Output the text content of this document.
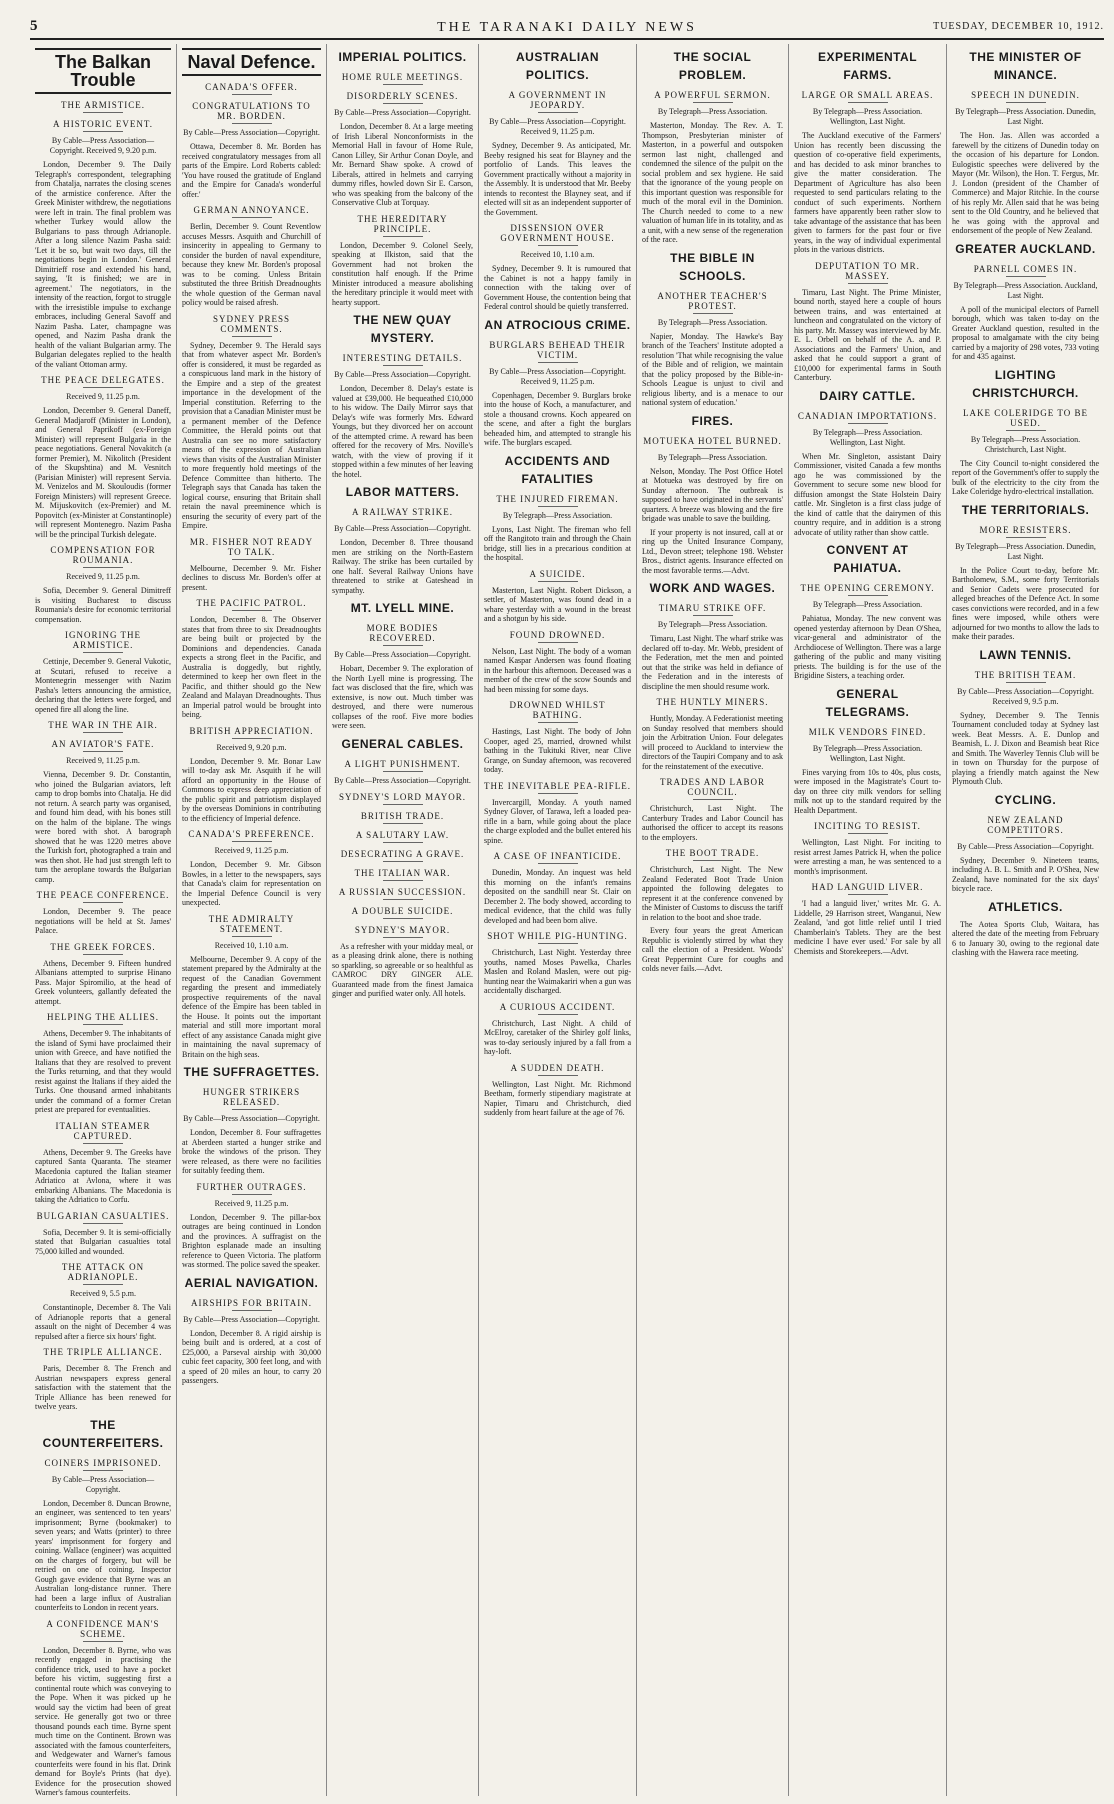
5	THE TARANAKI DAILY NEWS	TUESDAY, DECEMBER 10, 1912.
The Balkan Trouble
THE ARMISTICE.
A HISTORIC EVENT.
By Cable—Press Association—Copyright. Received 9, 9.20 p.m.

London, December 9. The Daily Telegraph's correspondent, telegraphing from Chatalja, narrates the closing scenes of the armistice conference. After the Greek Minister withdrew, the negotiations were left in train. The final problem was whether Turkey would allow the Bulgarians to pass through Adrianople. After a long silence Nazim Pasha said: 'Let it be so, but wait two days, till the negotiations begin in London.' General Dimitrieff rose and extended his hand, saying, 'It is finished; we are in agreement.' The negotiators, in the intensity of the reaction, forgot to struggle with the irresistible impulse to exchange embraces, including General Savoff and Nazim Pasha. Later, champagne was opened, and Nazim Pasha drank the health of the valiant Bulgarian army. The Bulgarian delegates replied to the health of the valiant Ottoman army.

THE PEACE DELEGATES.
Received 9, 11.25 p.m.

London, December 9. General Daneff, General Madjaroff (Minister in London), and General Paprikoff (ex-Foreign Minister) will represent Bulgaria in the peace negotiations. General Novakitch (a former Premier), M. Nikolitch (President of the Skupshtina) and M. Vesnitch (Parisian Minister) will represent Servia. M. Venizelos and M. Skouloudis (former Foreign Ministers) will represent Greece. M. Mijuskovitch (ex-Premier) and M. Popovitch (ex-Minister at Constantinople) will represent Montenegro. Nazim Pasha will be the principal Turkish delegate.

COMPENSATION FOR ROUMANIA.
Received 9, 11.25 p.m.

Sofia, December 9. General Dimitreff is visiting Bucharest to discuss Roumania's desire for economic territorial compensation.

IGNORING THE ARMISTICE.

Cettinje, December 9. General Vukotic, at Scutari, refused to receive a Montenegrin messenger with Nazim Pasha's letters announcing the armistice, declaring that the letters were forged, and opened fire all along the line.

THE WAR IN THE AIR.
AN AVIATOR'S FATE.
Received 9, 11.25 p.m.

Vienna, December 9. Dr. Constantin, who joined the Bulgarian aviators, left camp to drop bombs into Chatalja. He did not return. A search party was organised, and found him dead, with his bones still on the halm of the biplane. The wings were bored with shot. A barograph showed that he was 1220 metres above the Turkish fort, photographed a train and was then shot. He had just strength left to turn the aeroplane towards the Bulgarian camp.

THE PEACE CONFERENCE.

London, December 9. The peace negotiations will be held at St. James' Palace.

THE GREEK FORCES.

Athens, December 9. Fifteen hundred Albanians attempted to surprise Hinano Pass. Major Spiromilio, at the head of Greek volunteers, gallantly defeated the attempt.

HELPING THE ALLIES.

Athens, December 9. The inhabitants of the island of Symi have proclaimed their union with Greece, and have notified the Italians that they are resolved to prevent the Turks returning, and that they would resist against the Italians if they aided the Turks. One thousand armed inhabitants under the command of a former Cretan priest are prepared for eventualities.

ITALIAN STEAMER CAPTURED.

Athens, December 9. The Greeks have captured Santa Quaranta. The steamer Macedonia captured the Italian steamer Adriatico at Avlona, where it was embarking Albanians. The Macedonia is taking the Adriatico to Corfu.

BULGARIAN CASUALTIES.

Sofia, December 9. It is semi-officially stated that Bulgarian casualties total 75,000 killed and wounded.

THE ATTACK ON ADRIANOPLE.
Received 9, 5.5 p.m.

Constantinople, December 8. The Vali of Adrianople reports that a general assault on the night of December 4 was repulsed after a fierce six hours' fight.

THE TRIPLE ALLIANCE.

Paris, December 8. The French and Austrian newspapers express general satisfaction with the statement that the Triple Alliance has been renewed for twelve years.

THE COUNTERFEITERS.
COINERS IMPRISONED.
By Cable—Press Association—Copyright.

London, December 8. Duncan Browne, an engineer, was sentenced to ten years' imprisonment; Byrne (bookmaker) to seven years; and Watts (printer) to three years' imprisonment for forgery and coining. Wallace (engineer) was acquitted on the charges of forgery, but will be retried on one of coining. Inspector Gough gave evidence that Byrne was an Australian long-distance runner. There had been a large influx of Australian counterfeits to London in recent years.

A CONFIDENCE MAN'S SCHEME.

London, December 8. Byrne, who was recently engaged in practising the confidence trick, used to have a pocket before his victim, suggesting first a continental route which was conveying to the Pope. When it was picked up he would say the victim had been of great service. He generally got two or three thousand pounds each time. Byrne spent much time on the Continent. Brown was associated with the famous counterfeiters, and Wedgewater and Warner's famous counterfeits were found in his flat. Drink demand for Boyle's Prints (hat dye). Evidence for the prosecution showed Warner's famous counterfeits.

Naval Defence.
CANADA'S OFFER.
CONGRATULATIONS TO MR. BORDEN.
By Cable—Press Association—Copyright.

Ottawa, December 8. Mr. Borden has received congratulatory messages from all parts of the Empire. Lord Roberts cabled: 'You have roused the gratitude of England and the Empire for Canada's wonderful offer.'

GERMAN ANNOYANCE.

Berlin, December 9. Count Reventlow accuses Messrs. Asquith and Churchill of insincerity in appealing to Germany to consider the burden of naval expenditure, because they knew Mr. Borden's proposal was to be coming. Unless Britain substituted the three British Dreadnoughts the whole question of the German naval policy would be raised afresh.

SYDNEY PRESS COMMENTS.

Sydney, December 9. The Herald says that from whatever aspect Mr. Borden's offer is considered, it must be regarded as a conspicuous land mark in the history of the Empire and a step of the greatest importance in the development of the Imperial constitution. Referring to the provision that a Canadian Minister must be a permanent member of the Defence Committee, the Herald points out that Australia can see no more satisfactory means of the expression of Australian views than visits of the Australian Minister to more frequently hold meetings of the Defence Committee than hitherto. The Telegraph says that Canada has taken the logical course, ensuring that Britain shall retain the naval preeminence which is ensuring the security of every part of the Empire.

MR. FISHER NOT READY TO TALK.

Melbourne, December 9. Mr. Fisher declines to discuss Mr. Borden's offer at present.

THE PACIFIC PATROL.

London, December 8. The Observer states that from three to six Dreadnoughts are being built or projected by the Dominions and dependencies. Canada expects a strong fleet in the Pacific, and Australia is doggedly, but rightly, determined to keep her own fleet in the Pacific, and thither should go the New Zealand and Malayan Dreadnoughts. Thus an Imperial patrol would be brought into being.

BRITISH APPRECIATION.
Received 9, 9.20 p.m.

London, December 9. Mr. Bonar Law will to-day ask Mr. Asquith if he will afford an opportunity in the House of Commons to express deep appreciation of the public spirit and patriotism displayed by the overseas Dominions in contributing to the efficiency of Imperial defence.

CANADA'S PREFERENCE.
Received 9, 11.25 p.m.

London, December 9. Mr. Gibson Bowles, in a letter to the newspapers, says that Canada's claim for representation on the Imperial Defence Council is very unexpected.

THE ADMIRALTY STATEMENT.
Received 10, 1.10 a.m.

Melbourne, December 9. A copy of the statement prepared by the Admiralty at the request of the Canadian Government regarding the present and immediately prospective requirements of the naval defence of the Empire has been tabled in the House. It points out the important material and still more important moral effect of any assistance Canada might give in maintaining the naval supremacy of Britain on the high seas.

THE SUFFRAGETTES.
HUNGER STRIKERS RELEASED.
By Cable—Press Association—Copyright.

London, December 8. Four suffragettes at Aberdeen started a hunger strike and broke the windows of the prison. They were released, as there were no facilities for suitably feeding them.

FURTHER OUTRAGES.
Received 9, 11.25 p.m.

London, December 9. The pillar-box outrages are being continued in London and the provinces. A suffragist on the Brighton esplanade made an insulting reference to Queen Victoria. The platform was stormed. The police saved the speaker.

AERIAL NAVIGATION.
AIRSHIPS FOR BRITAIN.
By Cable—Press Association—Copyright.

London, December 8. A rigid airship is being built and is ordered, at a cost of £25,000, a Parseval airship with 30,000 cubic feet capacity, 300 feet long, and with a speed of 20 miles an hour, to carry 20 passengers.

IMPERIAL POLITICS.
HOME RULE MEETINGS.
DISORDERLY SCENES.
By Cable—Press Association—Copyright.

London, December 8. At a large meeting of Irish Liberal Nonconformists in the Memorial Hall in favour of Home Rule, Canon Lilley, Sir Arthur Conan Doyle, and Mr. Bernard Shaw spoke. A crowd of Liberals, attired in helmets and carrying dummy rifles, howled down Sir E. Carson, who was speaking from the balcony of the Conservative Club at Torquay.

THE HEREDITARY PRINCIPLE.

London, December 9. Colonel Seely, speaking at Ilkiston, said that the Government had not broken the constitution half enough. If the Prime Minister introduced a measure abolishing the hereditary principle it would meet with hearty support.

THE NEW QUAY MYSTERY.
INTERESTING DETAILS.
By Cable—Press Association—Copyright.

London, December 8. Delay's estate is valued at £39,000. He bequeathed £10,000 to his widow. The Daily Mirror says that Delay's wife was formerly Mrs. Edward Youngs, but they divorced her on account of the attempted crime. A reward has been offered for the recovery of Mrs. Noville's watch, with the view of proving if it stopped within a few minutes of her leaving the hotel.

LABOR MATTERS.
A RAILWAY STRIKE.
By Cable—Press Association—Copyright.

London, December 8. Three thousand men are striking on the North-Eastern Railway. The strike has been curtailed by one half. Several Railway Unions have threatened to strike at Gateshead in sympathy.

MT. LYELL MINE.
MORE BODIES RECOVERED.
By Cable—Press Association—Copyright.

Hobart, December 9. The exploration of the North Lyell mine is progressing. The fact was disclosed that the fire, which was extensive, is now out. Much timber was destroyed, and there were numerous collapses of the roof. Five more bodies were seen.

GENERAL CABLES.
A LIGHT PUNISHMENT.
By Cable—Press Association—Copyright.
SYDNEY'S LORD MAYOR.
BRITISH TRADE.
A SALUTARY LAW.
DESECRATING A GRAVE.
THE ITALIAN WAR.
A RUSSIAN SUCCESSION.
A DOUBLE SUICIDE.
SYDNEY'S MAYOR.

As a refresher with your midday meal, or as a pleasing drink alone, there is nothing so sparkling, so agreeable or so healthful as CAMROC DRY GINGER ALE. Guaranteed made from the finest Jamaica ginger and purified water only. All hotels.

AUSTRALIAN POLITICS.
A GOVERNMENT IN JEOPARDY.
By Cable—Press Association—Copyright. Received 9, 11.25 p.m.

Sydney, December 9. As anticipated, Mr. Beeby resigned his seat for Blayney and the portfolio of Lands. This leaves the Government practically without a majority in the Assembly. It is understood that Mr. Beeby intends to recontest the Blayney seat, and if elected will sit as an independent supporter of the Government.

DISSENSION OVER GOVERNMENT HOUSE.
Received 10, 1.10 a.m.

Sydney, December 9. It is rumoured that the Cabinet is not a happy family in connection with the taking over of Government House, the contention being that Federal control should be quietly transferred.

AN ATROCIOUS CRIME.
BURGLARS BEHEAD THEIR VICTIM.
By Cable—Press Association—Copyright. Received 9, 11.25 p.m.

Copenhagen, December 9. Burglars broke into the house of Koch, a manufacturer, and stole a thousand crowns. Koch appeared on the scene, and after a fight the burglars beheaded him, and attempted to strangle his wife. The burglars escaped.

ACCIDENTS AND FATALITIES
THE INJURED FIREMAN.
By Telegraph—Press Association.

Lyons, Last Night. The fireman who fell off the Rangitoto train and through the Chain bridge, still lies in a precarious condition at the hospital.

A SUICIDE.

Masterton, Last Night. Robert Dickson, a settler, of Masterton, was found dead in a whare yesterday with a wound in the breast and a shotgun by his side.

FOUND DROWNED.

Nelson, Last Night. The body of a woman named Kaspar Andersen was found floating in the harbour this afternoon. Deceased was a member of the crew of the scow Sounds and had been missing for some days.

DROWNED WHILST BATHING.

Hastings, Last Night. The body of John Cooper, aged 25, married, drowned whilst bathing in the Tukituki River, near Clive Grange, on Sunday afternoon, was recovered today.

THE INEVITABLE PEA-RIFLE.

Invercargill, Monday. A youth named Sydney Glover, of Tarawa, left a loaded pea-rifle in a barn, while going about the place the charge exploded and the bullet entered his spine.

A CASE OF INFANTICIDE.

Dunedin, Monday. An inquest was held this morning on the infant's remains deposited on the sandhill near St. Clair on December 2. The body showed, according to medical evidence, that the child was fully developed and had been born alive.

SHOT WHILE PIG-HUNTING.

Christchurch, Last Night. Yesterday three youths, named Moses Pawelka, Charles Maslen and Roland Maslen, were out pig-hunting near the Waimakariri when a gun was accidentally discharged.

A CURIOUS ACCIDENT.

Christchurch, Last Night. A child of McElroy, caretaker of the Shirley golf links, was to-day seriously injured by a fall from a hay-loft.

A SUDDEN DEATH.

Wellington, Last Night. Mr. Richmond Beetham, formerly stipendiary magistrate at Napier, Timaru and Christchurch, died suddenly from heart failure at the age of 76.

THE SOCIAL PROBLEM.
A POWERFUL SERMON.
By Telegraph—Press Association.

Masterton, Monday. The Rev. A. T. Thompson, Presbyterian minister of Masterton, in a powerful and outspoken sermon last night, challenged and condemned the silence of the pulpit on the social problem and sex hygiene. He said that the ignorance of the young people on this important question was responsible for much of the moral evil in the Dominion. The Church needed to come to a new valuation of human life in its totality, and as a unit, with a new sense of the regeneration of the race.

THE BIBLE IN SCHOOLS.
ANOTHER TEACHER'S PROTEST.
By Telegraph—Press Association.

Napier, Monday. The Hawke's Bay branch of the Teachers' Institute adopted a resolution 'That while recognising the value of the Bible and of religion, we maintain that the policy proposed by the Bible-in-Schools League is unjust to civil and religious liberty, and is a menace to our national system of education.'

FIRES.
MOTUEKA HOTEL BURNED.
By Telegraph—Press Association.

Nelson, Monday. The Post Office Hotel at Motueka was destroyed by fire on Sunday afternoon. The outbreak is supposed to have originated in the servants' quarters. A breeze was blowing and the fire brigade was unable to save the building.

If your property is not insured, call at or ring up the United Insurance Company, Ltd., Devon street; telephone 198. Webster Bros., district agents. Insurance effected on the most favorable terms.—Advt.

WORK AND WAGES.
TIMARU STRIKE OFF.
By Telegraph—Press Association.

Timaru, Last Night. The wharf strike was declared off to-day. Mr. Webb, president of the Federation, met the men and pointed out that the strike was held in defiance of the Federation and in the interests of discipline the men should resume work.

THE HUNTLY MINERS.

Huntly, Monday. A Federationist meeting on Sunday resolved that members should join the Arbitration Union. Four delegates will proceed to Auckland to interview the directors of the Taupiri Company and to ask for the reinstatement of the executive.

TRADES AND LABOR COUNCIL.

Christchurch, Last Night. The Canterbury Trades and Labor Council has authorised the officer to accept its reasons to the employers.

THE BOOT TRADE.

Christchurch, Last Night. The New Zealand Federated Boot Trade Union appointed the following delegates to represent it at the conference convened by the Minister of Customs to discuss the tariff in relation to the boot and shoe trade.

Every four years the great American Republic is violently stirred by what they call the election of a President. Woods' Great Peppermint Cure for coughs and colds never fails.—Advt.

EXPERIMENTAL FARMS.
LARGE OR SMALL AREAS.
By Telegraph—Press Association. Wellington, Last Night.

The Auckland executive of the Farmers' Union has recently been discussing the question of co-operative field experiments, and has decided to ask minor branches to give the matter consideration. The Department of Agriculture has also been requested to send particulars relating to the conduct of such experiments. Northern farmers have apparently been rather slow to take advantage of the assistance that has been given to farmers for the past four or five years, in the way of individual experimental plots in the various districts.

DEPUTATION TO MR. MASSEY.

Timaru, Last Night. The Prime Minister, bound north, stayed here a couple of hours between trains, and was entertained at luncheon and congratulated on the victory of his party. Mr. Massey was interviewed by Mr. E. L. Orbell on behalf of the A. and P. Associations and the Farmers' Union, and asked that he could support a grant of £10,000 for experimental farms in South Canterbury.

DAIRY CATTLE.
CANADIAN IMPORTATIONS.
By Telegraph—Press Association. Wellington, Last Night.

When Mr. Singleton, assistant Dairy Commissioner, visited Canada a few months ago he was commissioned by the Government to secure some new blood for diffusion amongst the State Holstein Dairy cattle. Mr. Singleton is a first class judge of the kind of cattle that the dairymen of this country require, and in addition is a strong advocate of utility rather than show cattle.

CONVENT AT PAHIATUA.
THE OPENING CEREMONY.
By Telegraph—Press Association.

Pahiatua, Monday. The new convent was opened yesterday afternoon by Dean O'Shea, vicar-general and administrator of the Archdiocese of Wellington. There was a large gathering of the public and many visiting priests. The building is for the use of the Brigidine Sisters, a teaching order.

GENERAL TELEGRAMS.
MILK VENDORS FINED.
By Telegraph—Press Association. Wellington, Last Night.

Fines varying from 10s to 40s, plus costs, were imposed in the Magistrate's Court to-day on three city milk vendors for selling milk not up to the standard required by the Health Department.

INCITING TO RESIST.

Wellington, Last Night. For inciting to resist arrest James Patrick H, when the police were arresting a man, he was sentenced to a month's imprisonment.

HAD LANGUID LIVER.

'I had a languid liver,' writes Mr. G. A. Liddelle, 29 Harrison street, Wanganui, New Zealand, 'and got little relief until I tried Chamberlain's Tablets. They are the best medicine I have ever used.' For sale by all Chemists and Storekeepers.—Advt.

THE MINISTER OF MINANCE.
SPEECH IN DUNEDIN.
By Telegraph—Press Association. Dunedin, Last Night.

The Hon. Jas. Allen was accorded a farewell by the citizens of Dunedin today on the occasion of his departure for London. Eulogistic speeches were delivered by the Mayor (Mr. Wilson), the Hon. T. Fergus, Mr. J. London (president of the Chamber of Commerce) and Major Ritchie. In the course of his reply Mr. Allen said that he was being sent to the Old Country, and he believed that he was going with the approval and endorsement of the people of New Zealand.

GREATER AUCKLAND.
PARNELL COMES IN.
By Telegraph—Press Association. Auckland, Last Night.

A poll of the municipal electors of Parnell borough, which was taken to-day on the Greater Auckland question, resulted in the proposal to amalgamate with the city being carried by a majority of 298 votes, 733 voting for and 435 against.

LIGHTING CHRISTCHURCH.
LAKE COLERIDGE TO BE USED.
By Telegraph—Press Association. Christchurch, Last Night.

The City Council to-night considered the report of the Government's offer to supply the bulk of the electricity to the city from the Lake Coleridge hydro-electrical installation.

THE TERRITORIALS.
MORE RESISTERS.
By Telegraph—Press Association. Dunedin, Last Night.

In the Police Court to-day, before Mr. Bartholomew, S.M., some forty Territorials and Senior Cadets were prosecuted for alleged breaches of the Defence Act. In some cases convictions were recorded, and in a few fines were imposed, while others were adjourned for two months to allow the lads to make their parades.

LAWN TENNIS.
THE BRITISH TEAM.
By Cable—Press Association—Copyright. Received 9, 9.5 p.m.

Sydney, December 9. The Tennis Tournament concluded today at Sydney last week. Beat Messrs. A. E. Dunlop and Beamish, L. J. Dixon and Beamish beat Rice and Smith. The Waverley Tennis Club will be in town on Thursday for the purpose of playing a friendly match against the New Plymouth Club.

CYCLING.
NEW ZEALAND COMPETITORS.
By Cable—Press Association—Copyright.

Sydney, December 9. Nineteen teams, including A. B. L. Smith and P. O'Shea, New Zealand, have nominated for the six days' bicycle race.

ATHLETICS.

The Aotea Sports Club, Waitara, has altered the date of the meeting from February 6 to January 30, owing to the regional date clashing with the Hawera race meeting.
